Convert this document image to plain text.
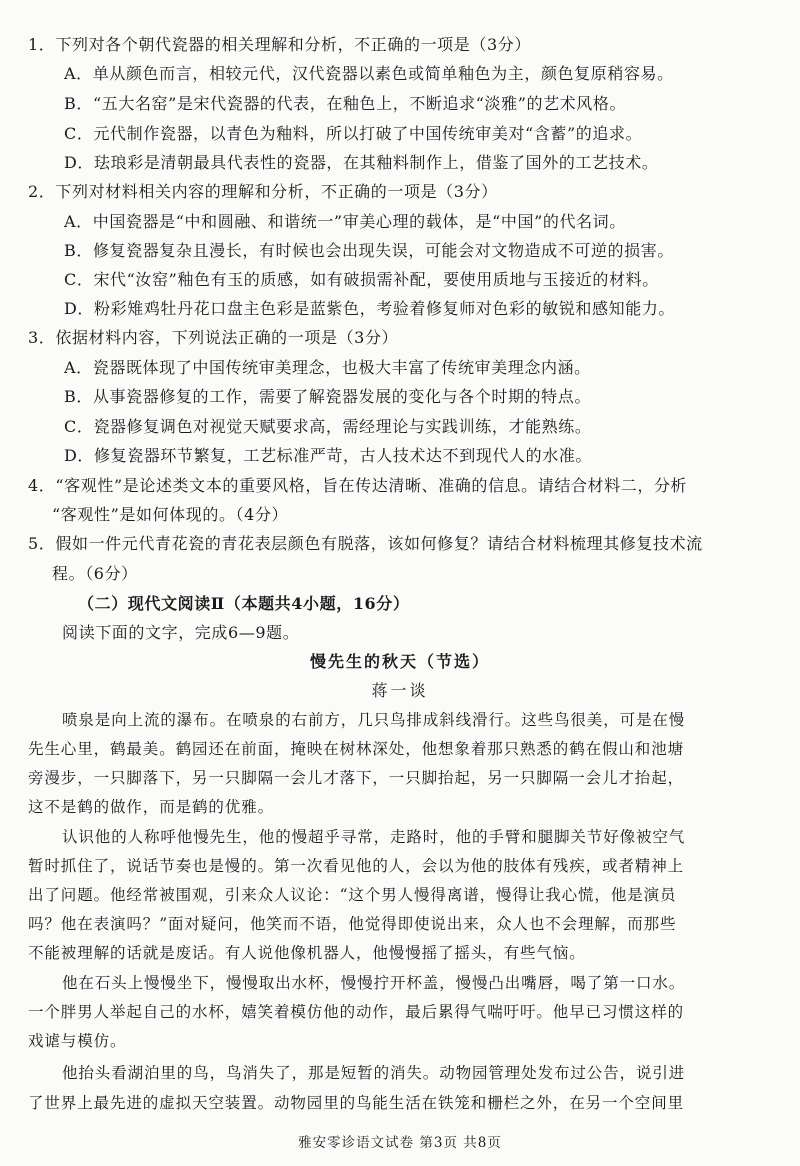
1．下列对各个朝代瓷器的相关理解和分析，不正确的一项是（3分）
A．单从颜色而言，相较元代，汉代瓷器以素色或简单釉色为主，颜色复原稍容易。
B．“五大名窑”是宋代瓷器的代表，在釉色上，不断追求“淡雅”的艺术风格。
C．元代制作瓷器，以青色为釉料，所以打破了中国传统审美对“含蓄”的追求。
D．珐琅彩是清朝最具代表性的瓷器，在其釉料制作上，借鉴了国外的工艺技术。
2．下列对材料相关内容的理解和分析，不正确的一项是（3分）
A．中国瓷器是“中和圆融、和谐统一”审美心理的载体，是“中国”的代名词。
B．修复瓷器复杂且漫长，有时候也会出现失误，可能会对文物造成不可逆的损害。
C．宋代“汝窑”釉色有玉的质感，如有破损需补配，要使用质地与玉接近的材料。
D．粉彩雉鸡牡丹花口盘主色彩是蓝紫色，考验着修复师对色彩的敏锐和感知能力。
3．依据材料内容，下列说法正确的一项是（3分）
A．瓷器既体现了中国传统审美理念，也极大丰富了传统审美理念内涵。
B．从事瓷器修复的工作，需要了解瓷器发展的变化与各个时期的特点。
C．瓷器修复调色对视觉天赋要求高，需经理论与实践训练，才能熟练。
D．修复瓷器环节繁复，工艺标准严苛，古人技术达不到现代人的水准。
4．“客观性”是论述类文本的重要风格，旨在传达清晰、准确的信息。请结合材料二，分析
“客观性”是如何体现的。（4分）
5．假如一件元代青花瓷的青花表层颜色有脱落，该如何修复？请结合材料梳理其修复技术流
程。（6分）
（二）现代文阅读Ⅱ（本题共4小题，16分）
阅读下面的文字，完成6—9题。
慢先生的秋天（节选）
蒋一谈
喷泉是向上流的瀑布。在喷泉的右前方，几只鸟排成斜线滑行。这些鸟很美，可是在慢
先生心里，鹤最美。鹤园还在前面，掩映在树林深处，他想象着那只熟悉的鹤在假山和池塘
旁漫步，一只脚落下，另一只脚隔一会儿才落下，一只脚抬起，另一只脚隔一会儿才抬起，
这不是鹤的做作，而是鹤的优雅。
认识他的人称呼他慢先生，他的慢超乎寻常，走路时，他的手臂和腿脚关节好像被空气
暂时抓住了，说话节奏也是慢的。第一次看见他的人，会以为他的肢体有残疾，或者精神上
出了问题。他经常被围观，引来众人议论：“这个男人慢得离谱，慢得让我心慌，他是演员
吗？他在表演吗？”面对疑问，他笑而不语，他觉得即使说出来，众人也不会理解，而那些
不能被理解的话就是废话。有人说他像机器人，他慢慢摇了摇头，有些气恼。
他在石头上慢慢坐下，慢慢取出水杯，慢慢拧开杯盖，慢慢凸出嘴唇，喝了第一口水。
一个胖男人举起自己的水杯，嬉笑着模仿他的动作，最后累得气喘吁吁。他早已习惯这样的
戏谑与模仿。
他抬头看湖泊里的鸟，鸟消失了，那是短暂的消失。动物园管理处发布过公告，说引进
了世界上最先进的虚拟天空装置。动物园里的鸟能生活在铁笼和栅栏之外，在另一个空间里
雅安零诊语文试卷 第3页 共8页
